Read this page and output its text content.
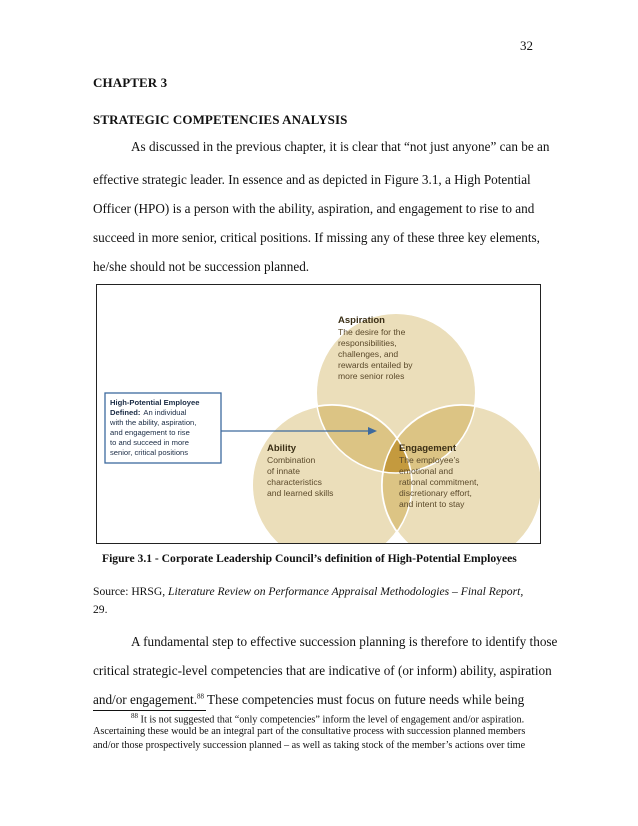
32
CHAPTER 3
STRATEGIC COMPETENCIES ANALYSIS
As discussed in the previous chapter, it is clear that “not just anyone” can be an
effective strategic leader. In essence and as depicted in Figure 3.1, a High Potential
Officer (HPO) is a person with the ability, aspiration, and engagement to rise to and
succeed in more senior, critical positions. If missing any of these three key elements,
he/she should not be succession planned.
High-Potential Employee
Defined: An individual
with the ability, aspiration,
and engagement to rise
to and succeed in more
senior, critical positions
Aspiration
The desire for the
responsibilities,
challenges, and
rewards entailed by
more senior roles
Ability
Combination
of innate
characteristics
and learned skills
Engagement
The employee’s
emotional and
rational commitment,
discretionary effort,
and intent to stay
Figure 3.1 - Corporate Leadership Council’s definition of High-Potential Employees
Source: HRSG, Literature Review on Performance Appraisal Methodologies – Final Report,
29.
A fundamental step to effective succession planning is therefore to identify those
critical strategic-level competencies that are indicative of (or inform) ability, aspiration
and/or engagement.$^{88}$ These competencies must focus on future needs while being
$^{88}$ It is not suggested that “only competencies” inform the level of engagement and/or aspiration.
Ascertaining these would be an integral part of the consultative process with succession planned members
and/or those prospectively succession planned – as well as taking stock of the member’s actions over time
